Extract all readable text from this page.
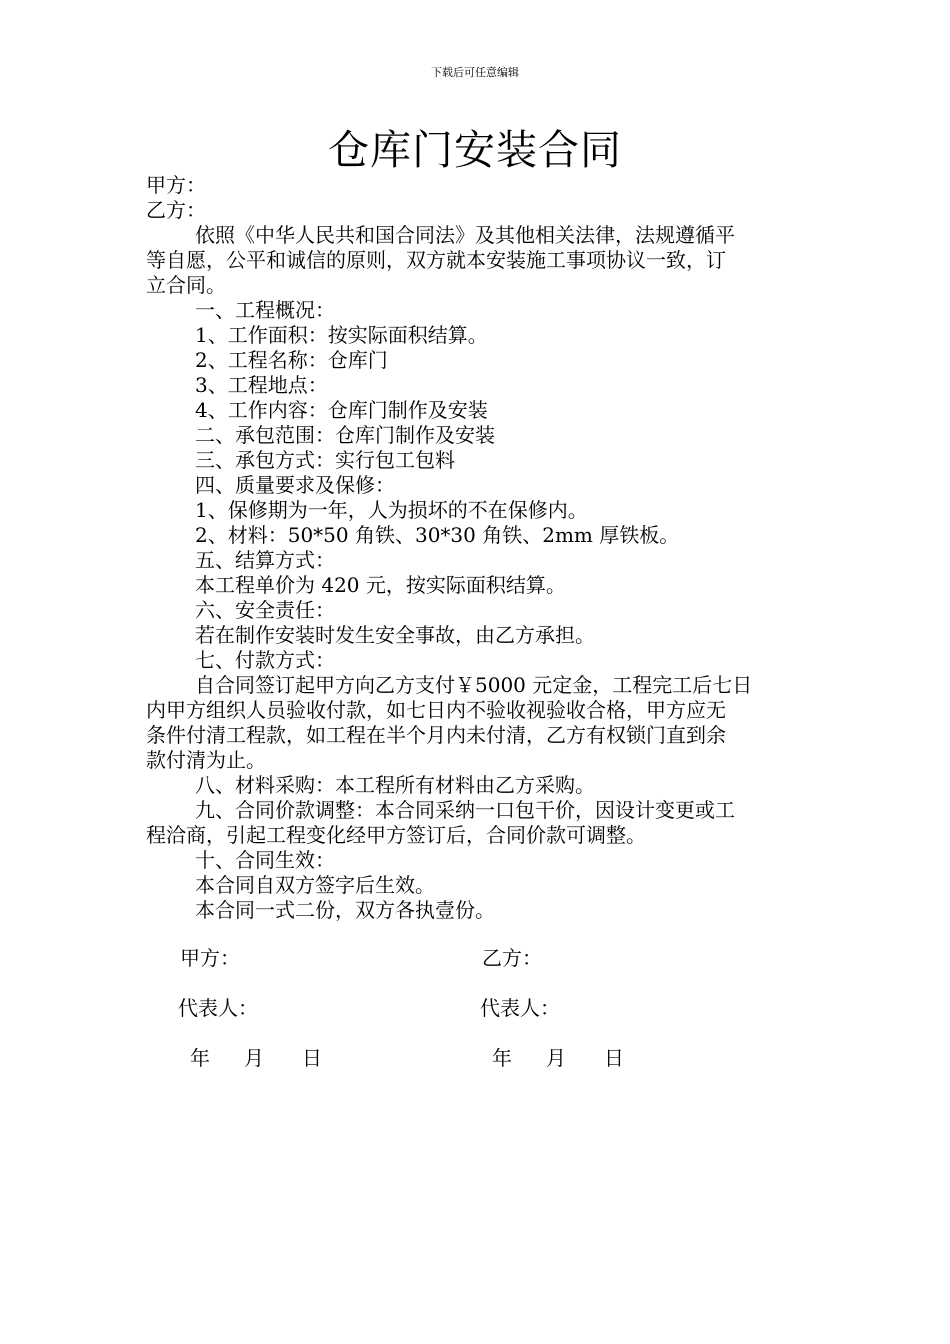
下载后可任意编辑
仓库门安装合同
甲方：
乙方：
依照《中华人民共和国合同法》及其他相关法律，法规遵循平
等自愿，公平和诚信的原则，双方就本安装施工事项协议一致，订
立合同。
一、工程概况：
1、工作面积：按实际面积结算。
2、工程名称：仓库门
3、工程地点：
4、工作内容：仓库门制作及安装
二、承包范围：仓库门制作及安装
三、承包方式：实行包工包料
四、质量要求及保修：
1、保修期为一年，人为损坏的不在保修内。
2、材料：50*50 角铁、30*30 角铁、2mm 厚铁板。
五、结算方式：
本工程单价为 420 元，按实际面积结算。
六、安全责任：
若在制作安装时发生安全事故，由乙方承担。
七、付款方式：
自合同签订起甲方向乙方支付￥5000 元定金，工程完工后七日
内甲方组织人员验收付款，如七日内不验收视验收合格，甲方应无
条件付清工程款，如工程在半个月内未付清，乙方有权锁门直到余
款付清为止。
八、材料采购：本工程所有材料由乙方采购。
九、合同价款调整：本合同采纳一口包干价，因设计变更或工
程洽商，引起工程变化经甲方签订后，合同价款可调整。
十、合同生效：
本合同自双方签字后生效。
本合同一式二份，双方各执壹份。
甲方：
代表人：
年 月 日
乙方：
代表人：
年 月 日
